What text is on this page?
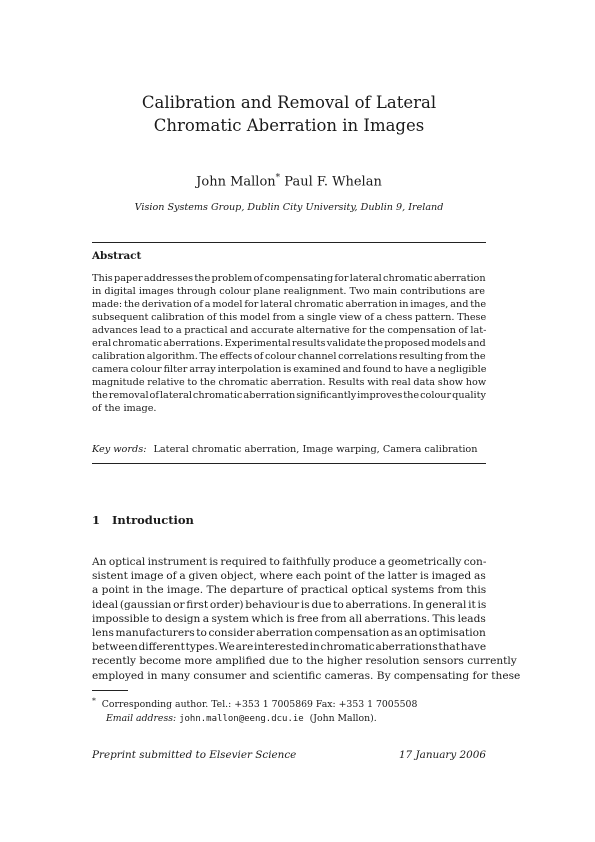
Calibration and Removal of Lateral
Chromatic Aberration in Images
John Mallon* Paul F. Whelan
Vision Systems Group, Dublin City University, Dublin 9, Ireland
Abstract
This paper addresses the problem of compensating for lateral chromatic aberration
in digital images through colour plane realignment. Two main contributions are
made: the derivation of a model for lateral chromatic aberration in images, and the
subsequent calibration of this model from a single view of a chess pattern. These
advances lead to a practical and accurate alternative for the compensation of lat-
eral chromatic aberrations. Experimental results validate the proposed models and
calibration algorithm. The effects of colour channel correlations resulting from the
camera colour filter array interpolation is examined and found to have a negligible
magnitude relative to the chromatic aberration. Results with real data show how
the removal of lateral chromatic aberration significantly improves the colour quality
of the image.
Key words: Lateral chromatic aberration, Image warping, Camera calibration
1 Introduction
An optical instrument is required to faithfully produce a geometrically con-
sistent image of a given object, where each point of the latter is imaged as
a point in the image. The departure of practical optical systems from this
ideal (gaussian or first order) behaviour is due to aberrations. In general it is
impossible to design a system which is free from all aberrations. This leads
lens manufacturers to consider aberration compensation as an optimisation
between different types. We are interested in chromatic aberrations that have
recently become more amplified due to the higher resolution sensors currently
employed in many consumer and scientific cameras. By compensating for these
* Corresponding author. Tel.: +353 1 7005869 Fax: +353 1 7005508
Email address: john.mallon@eeng.dcu.ie (John Mallon).
Preprint submitted to Elsevier Science	17 January 2006
